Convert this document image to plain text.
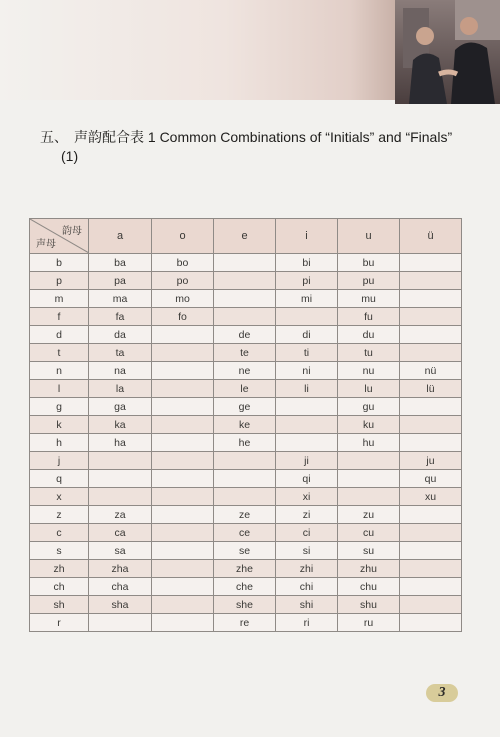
五、 声韵配合表 1 Common Combinations of “Initials” and “Finals”
(1)
韵母
声母	a	o	e	i	u	ü
b	ba	bo		bi	bu	
p	pa	po		pi	pu	
m	ma	mo		mi	mu	
f	fa	fo			fu	
d	da		de	di	du	
t	ta		te	ti	tu	
n	na		ne	ni	nu	nü
l	la		le	li	lu	lü
g	ga		ge		gu	
k	ka		ke		ku	
h	ha		he		hu	
j				ji		ju
q				qi		qu
x				xi		xu
z	za		ze	zi	zu	
c	ca		ce	ci	cu	
s	sa		se	si	su	
zh	zha		zhe	zhi	zhu	
ch	cha		che	chi	chu	
sh	sha		she	shi	shu	
r			re	ri	ru	
3
